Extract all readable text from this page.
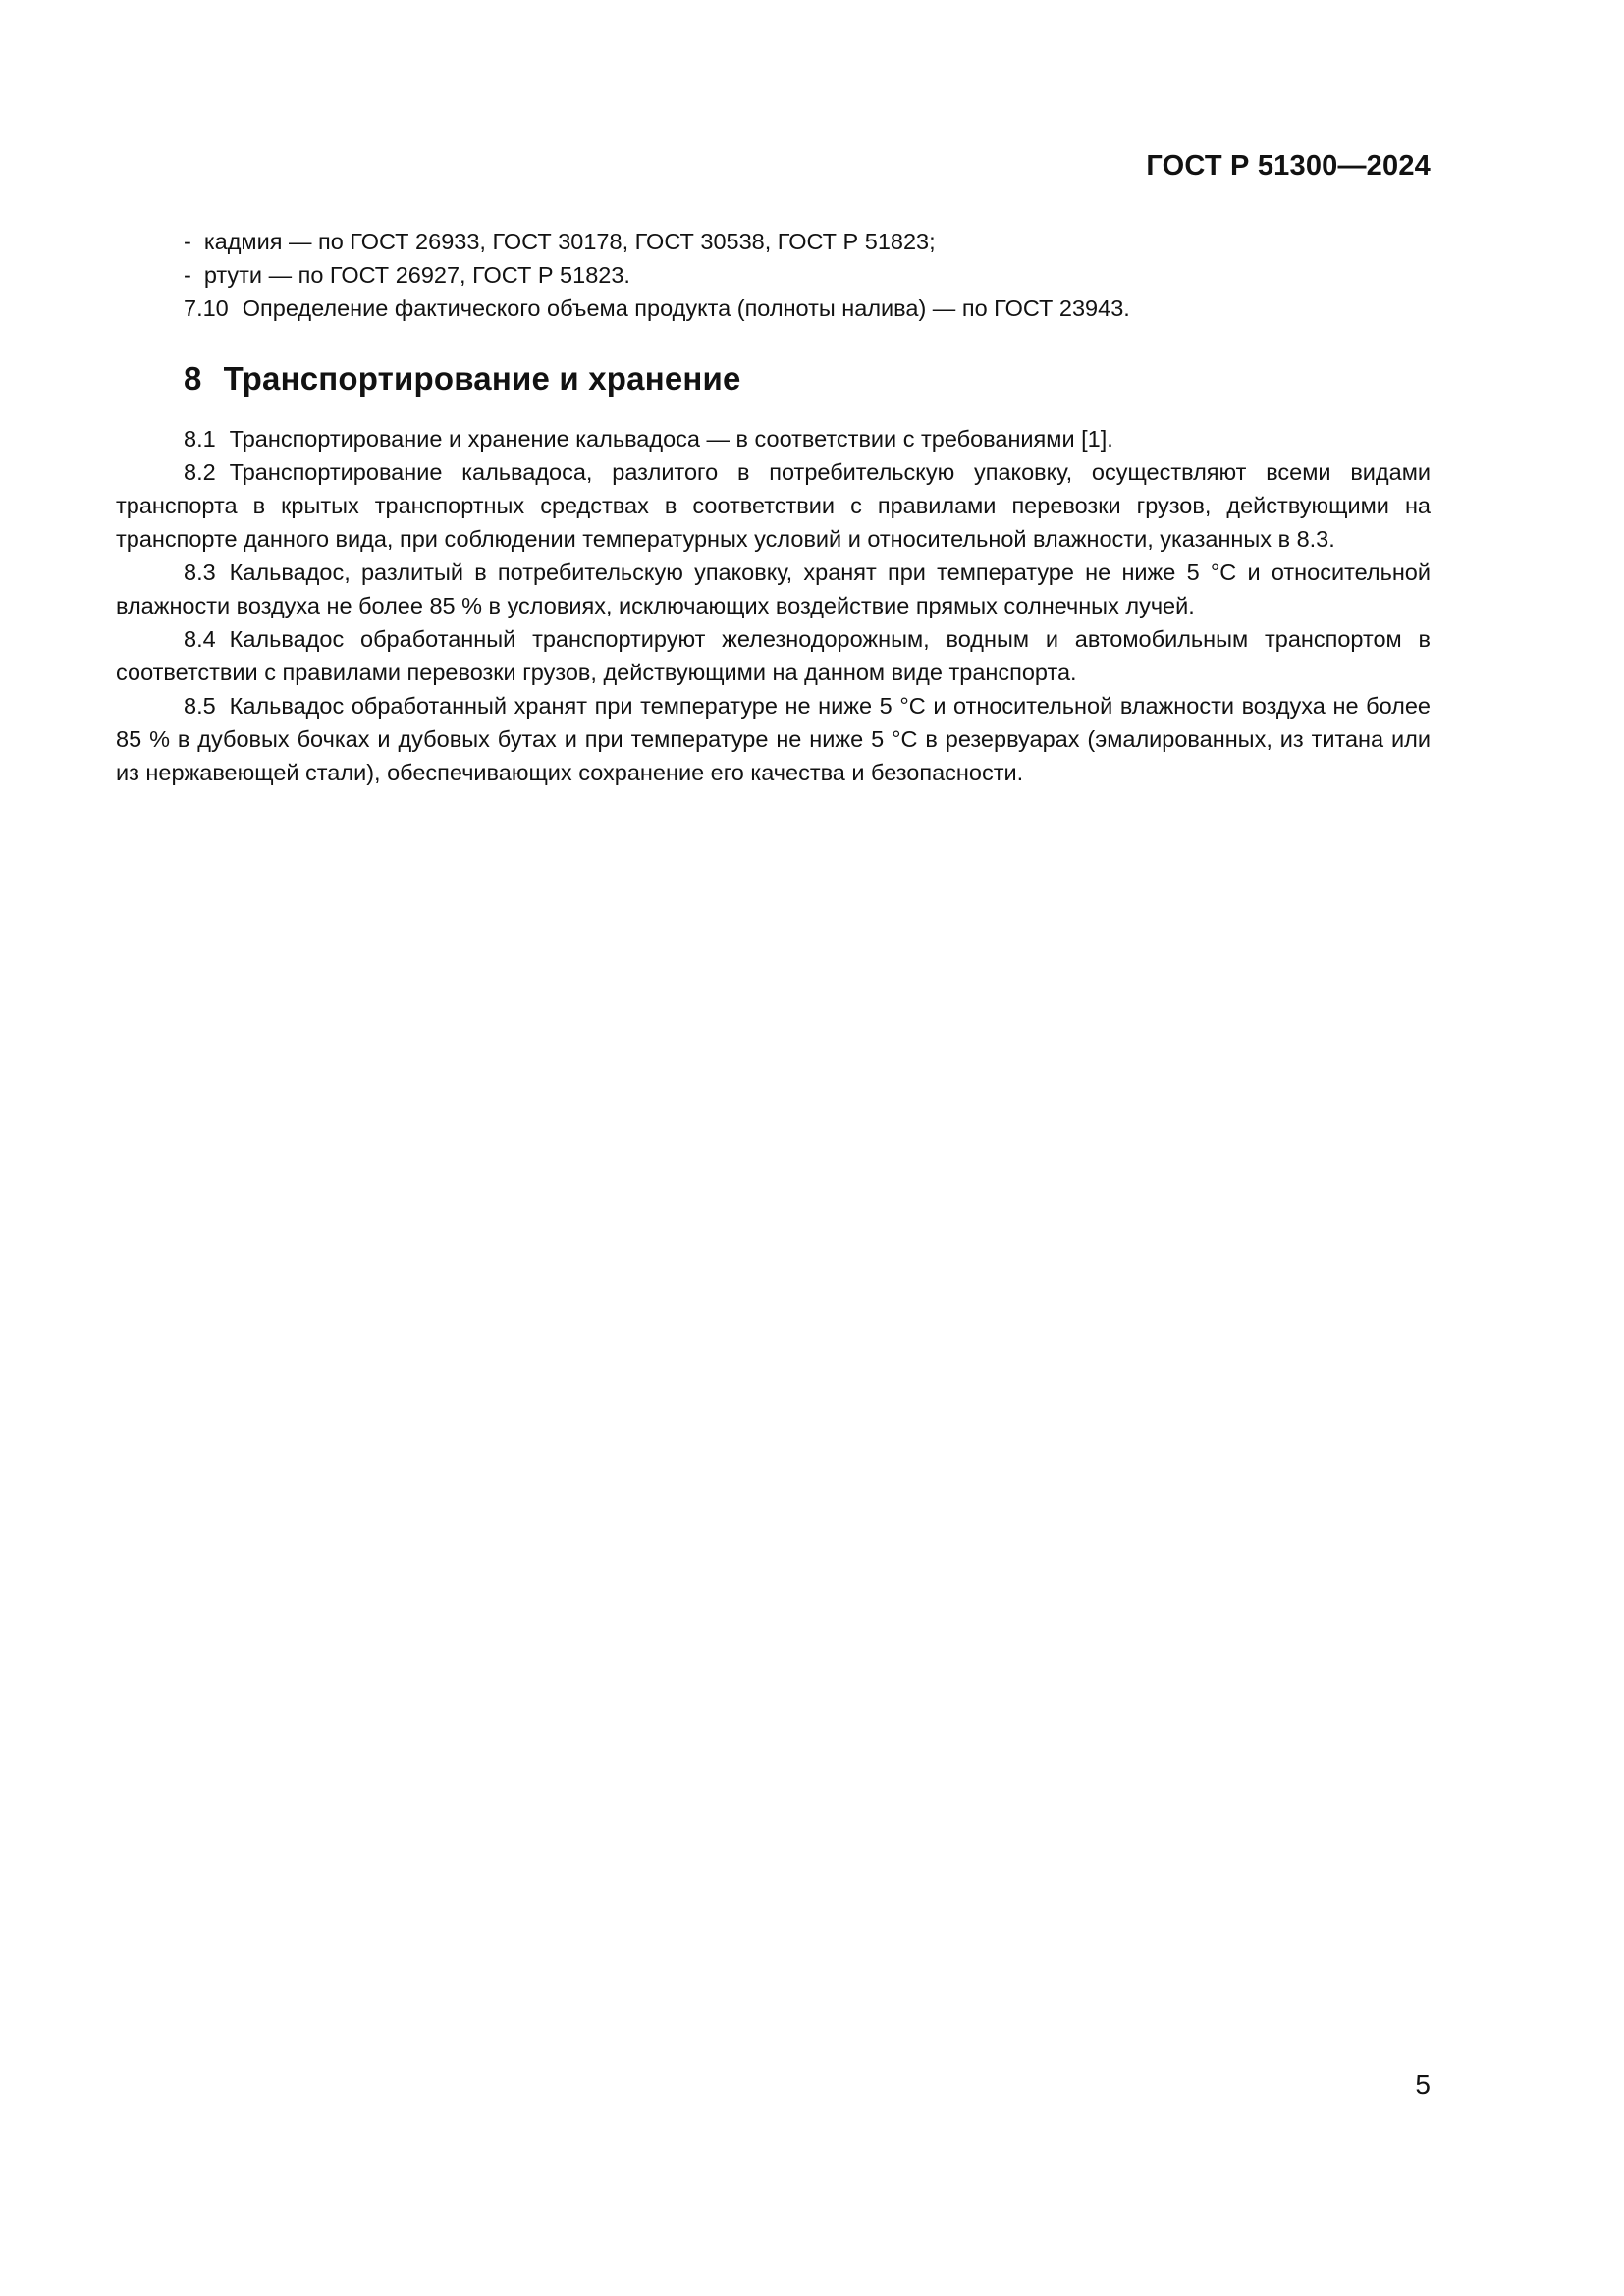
ГОСТ Р 51300—2024

- кадмия — по ГОСТ 26933, ГОСТ 30178, ГОСТ 30538, ГОСТ Р 51823;

- ртути — по ГОСТ 26927, ГОСТ Р 51823.

7.10 Определение фактического объема продукта (полноты налива) — по ГОСТ 23943.

8 Транспортирование и хранение

8.1 Транспортирование и хранение кальвадоса — в соответствии с требованиями [1].

8.2 Транспортирование кальвадоса, разлитого в потребительскую упаковку, осуществляют всеми видами транспорта в крытых транспортных средствах в соответствии с правилами перевозки грузов, действующими на транспорте данного вида, при соблюдении температурных условий и относительной влажности, указанных в 8.3.

8.3 Кальвадос, разлитый в потребительскую упаковку, хранят при температуре не ниже 5 °С и относительной влажности воздуха не более 85 % в условиях, исключающих воздействие прямых солнечных лучей.

8.4 Кальвадос обработанный транспортируют железнодорожным, водным и автомобильным транспортом в соответствии с правилами перевозки грузов, действующими на данном виде транспорта.

8.5 Кальвадос обработанный хранят при температуре не ниже 5 °С и относительной влажности воздуха не более 85 % в дубовых бочках и дубовых бутах и при температуре не ниже 5 °С в резервуарах (эмалированных, из титана или из нержавеющей стали), обеспечивающих сохранение его качества и безопасности.

5
